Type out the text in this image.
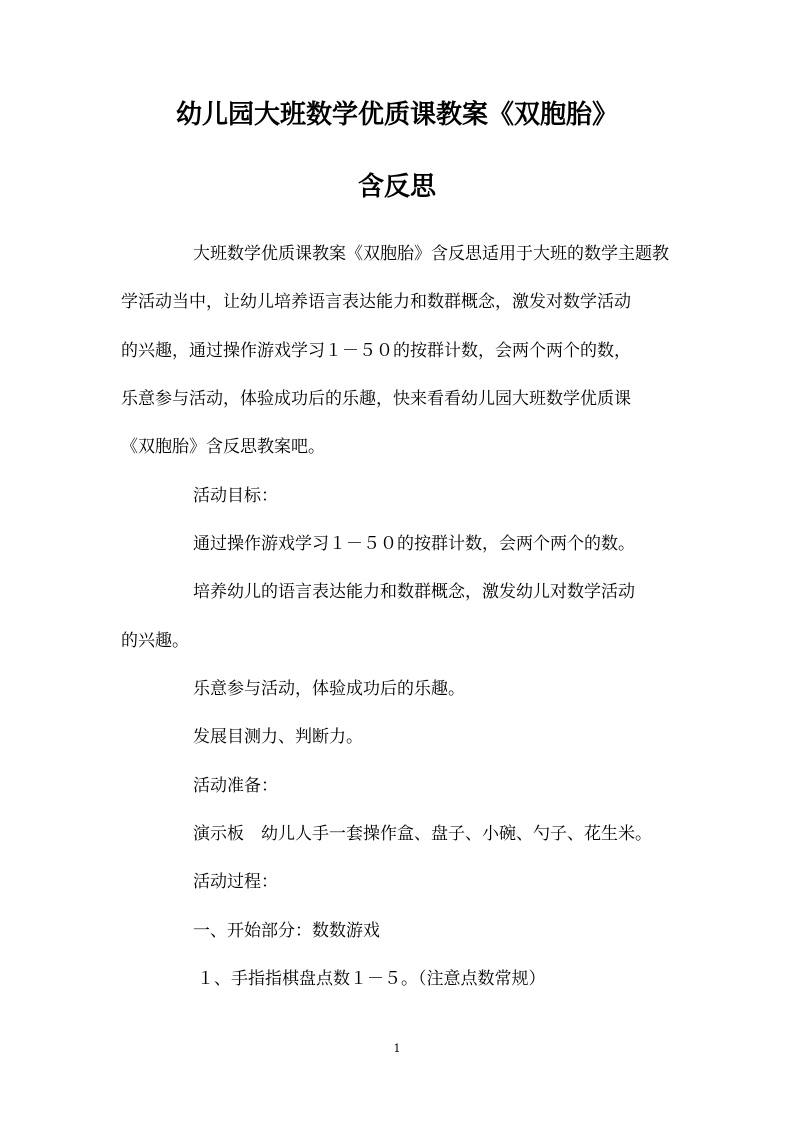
幼儿园大班数学优质课教案《双胞胎》
含反思

大班数学优质课教案《双胞胎》含反思适用于大班的数学主题教

学活动当中，让幼儿培养语言表达能力和数群概念，激发对数学活动

的兴趣，通过操作游戏学习１－５０的按群计数，会两个两个的数，

乐意参与活动，体验成功后的乐趣，快来看看幼儿园大班数学优质课

《双胞胎》含反思教案吧。

活动目标：

通过操作游戏学习１－５０的按群计数，会两个两个的数。

培养幼儿的语言表达能力和数群概念，激发幼儿对数学活动

的兴趣。

乐意参与活动，体验成功后的乐趣。

发展目测力、判断力。

活动准备：

演示板　幼儿人手一套操作盒、盘子、小碗、勺子、花生米。

活动过程：

一、开始部分：数数游戏

１、手指指棋盘点数１－５。（注意点数常规）

1
